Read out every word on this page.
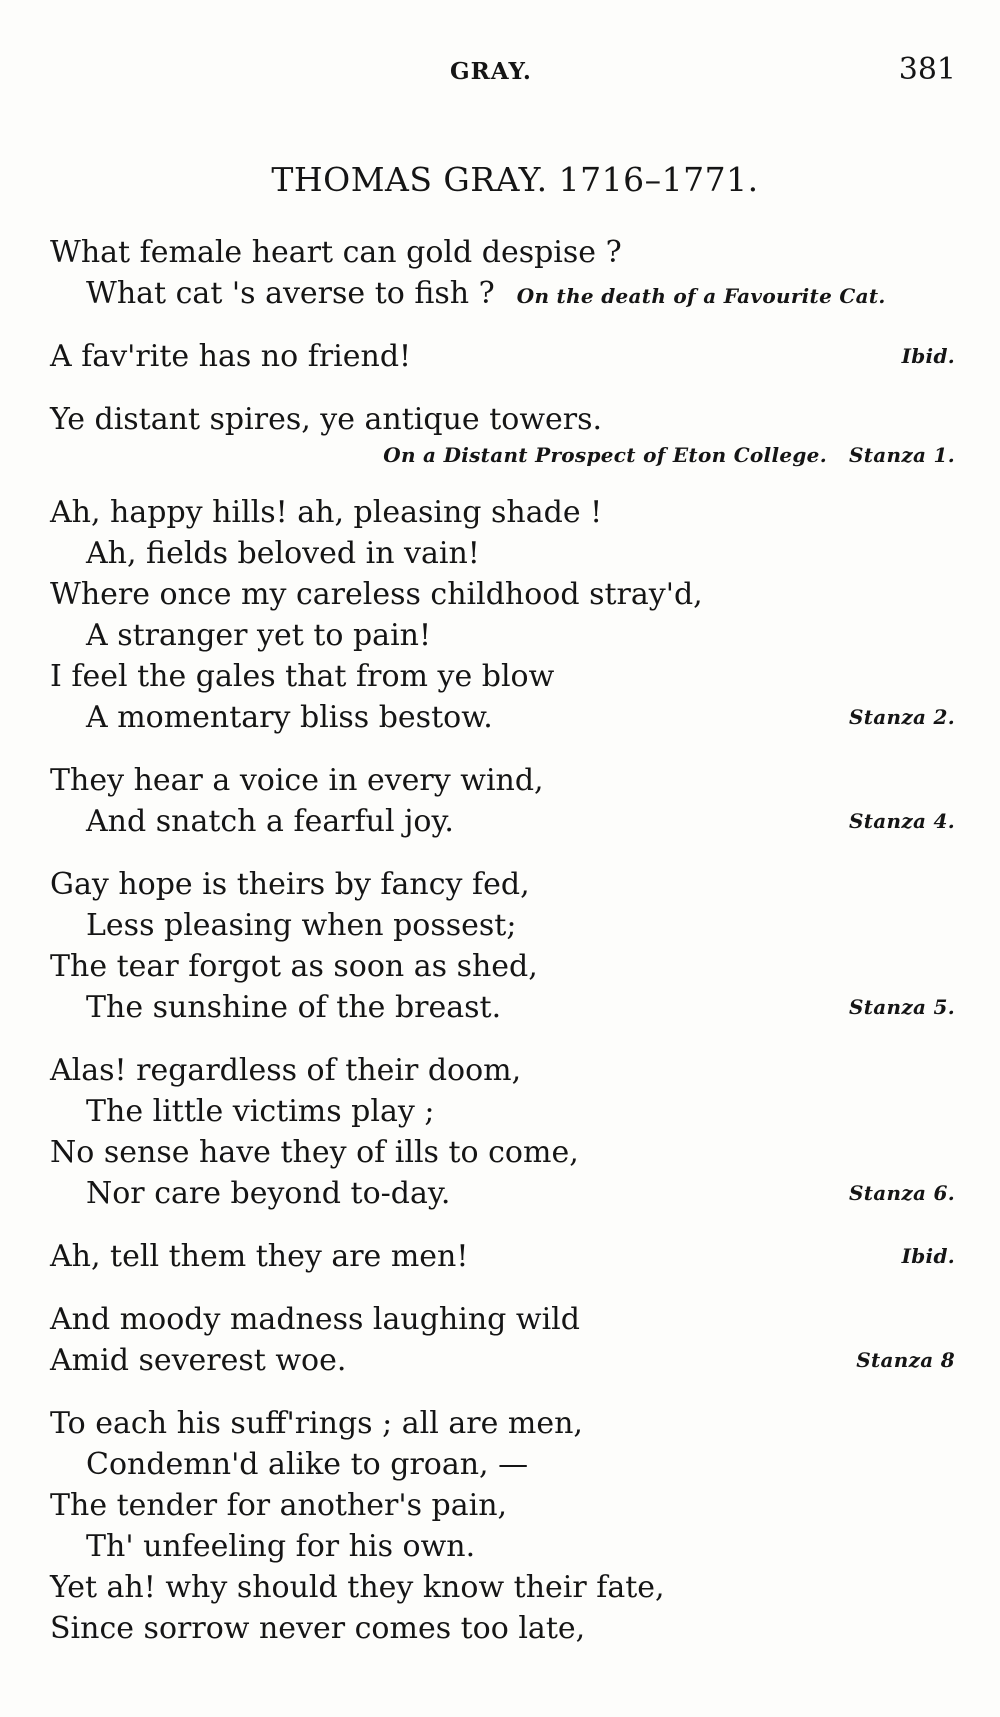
GRAY.	381
THOMAS GRAY. 1716–1771.
What female heart can gold despise ?
What cat 's averse to fish ? On the death of a Favourite Cat.
A fav'rite has no friend!	Ibid.
Ye distant spires, ye antique towers.
On a Distant Prospect of Eton College. Stanza 1.
Ah, happy hills! ah, pleasing shade !
Ah, fields beloved in vain!
Where once my careless childhood stray'd,
A stranger yet to pain!
I feel the gales that from ye blow
A momentary bliss bestow.	Stanza 2.
They hear a voice in every wind,
And snatch a fearful joy.	Stanza 4.
Gay hope is theirs by fancy fed,
Less pleasing when possest;
The tear forgot as soon as shed,
The sunshine of the breast.	Stanza 5.
Alas! regardless of their doom,
The little victims play ;
No sense have they of ills to come,
Nor care beyond to-day.	Stanza 6.
Ah, tell them they are men!	Ibid.
And moody madness laughing wild
Amid severest woe.	Stanza 8
To each his suff'rings ; all are men,
Condemn'd alike to groan, —
The tender for another's pain,
Th' unfeeling for his own.
Yet ah! why should they know their fate,
Since sorrow never comes too late,
